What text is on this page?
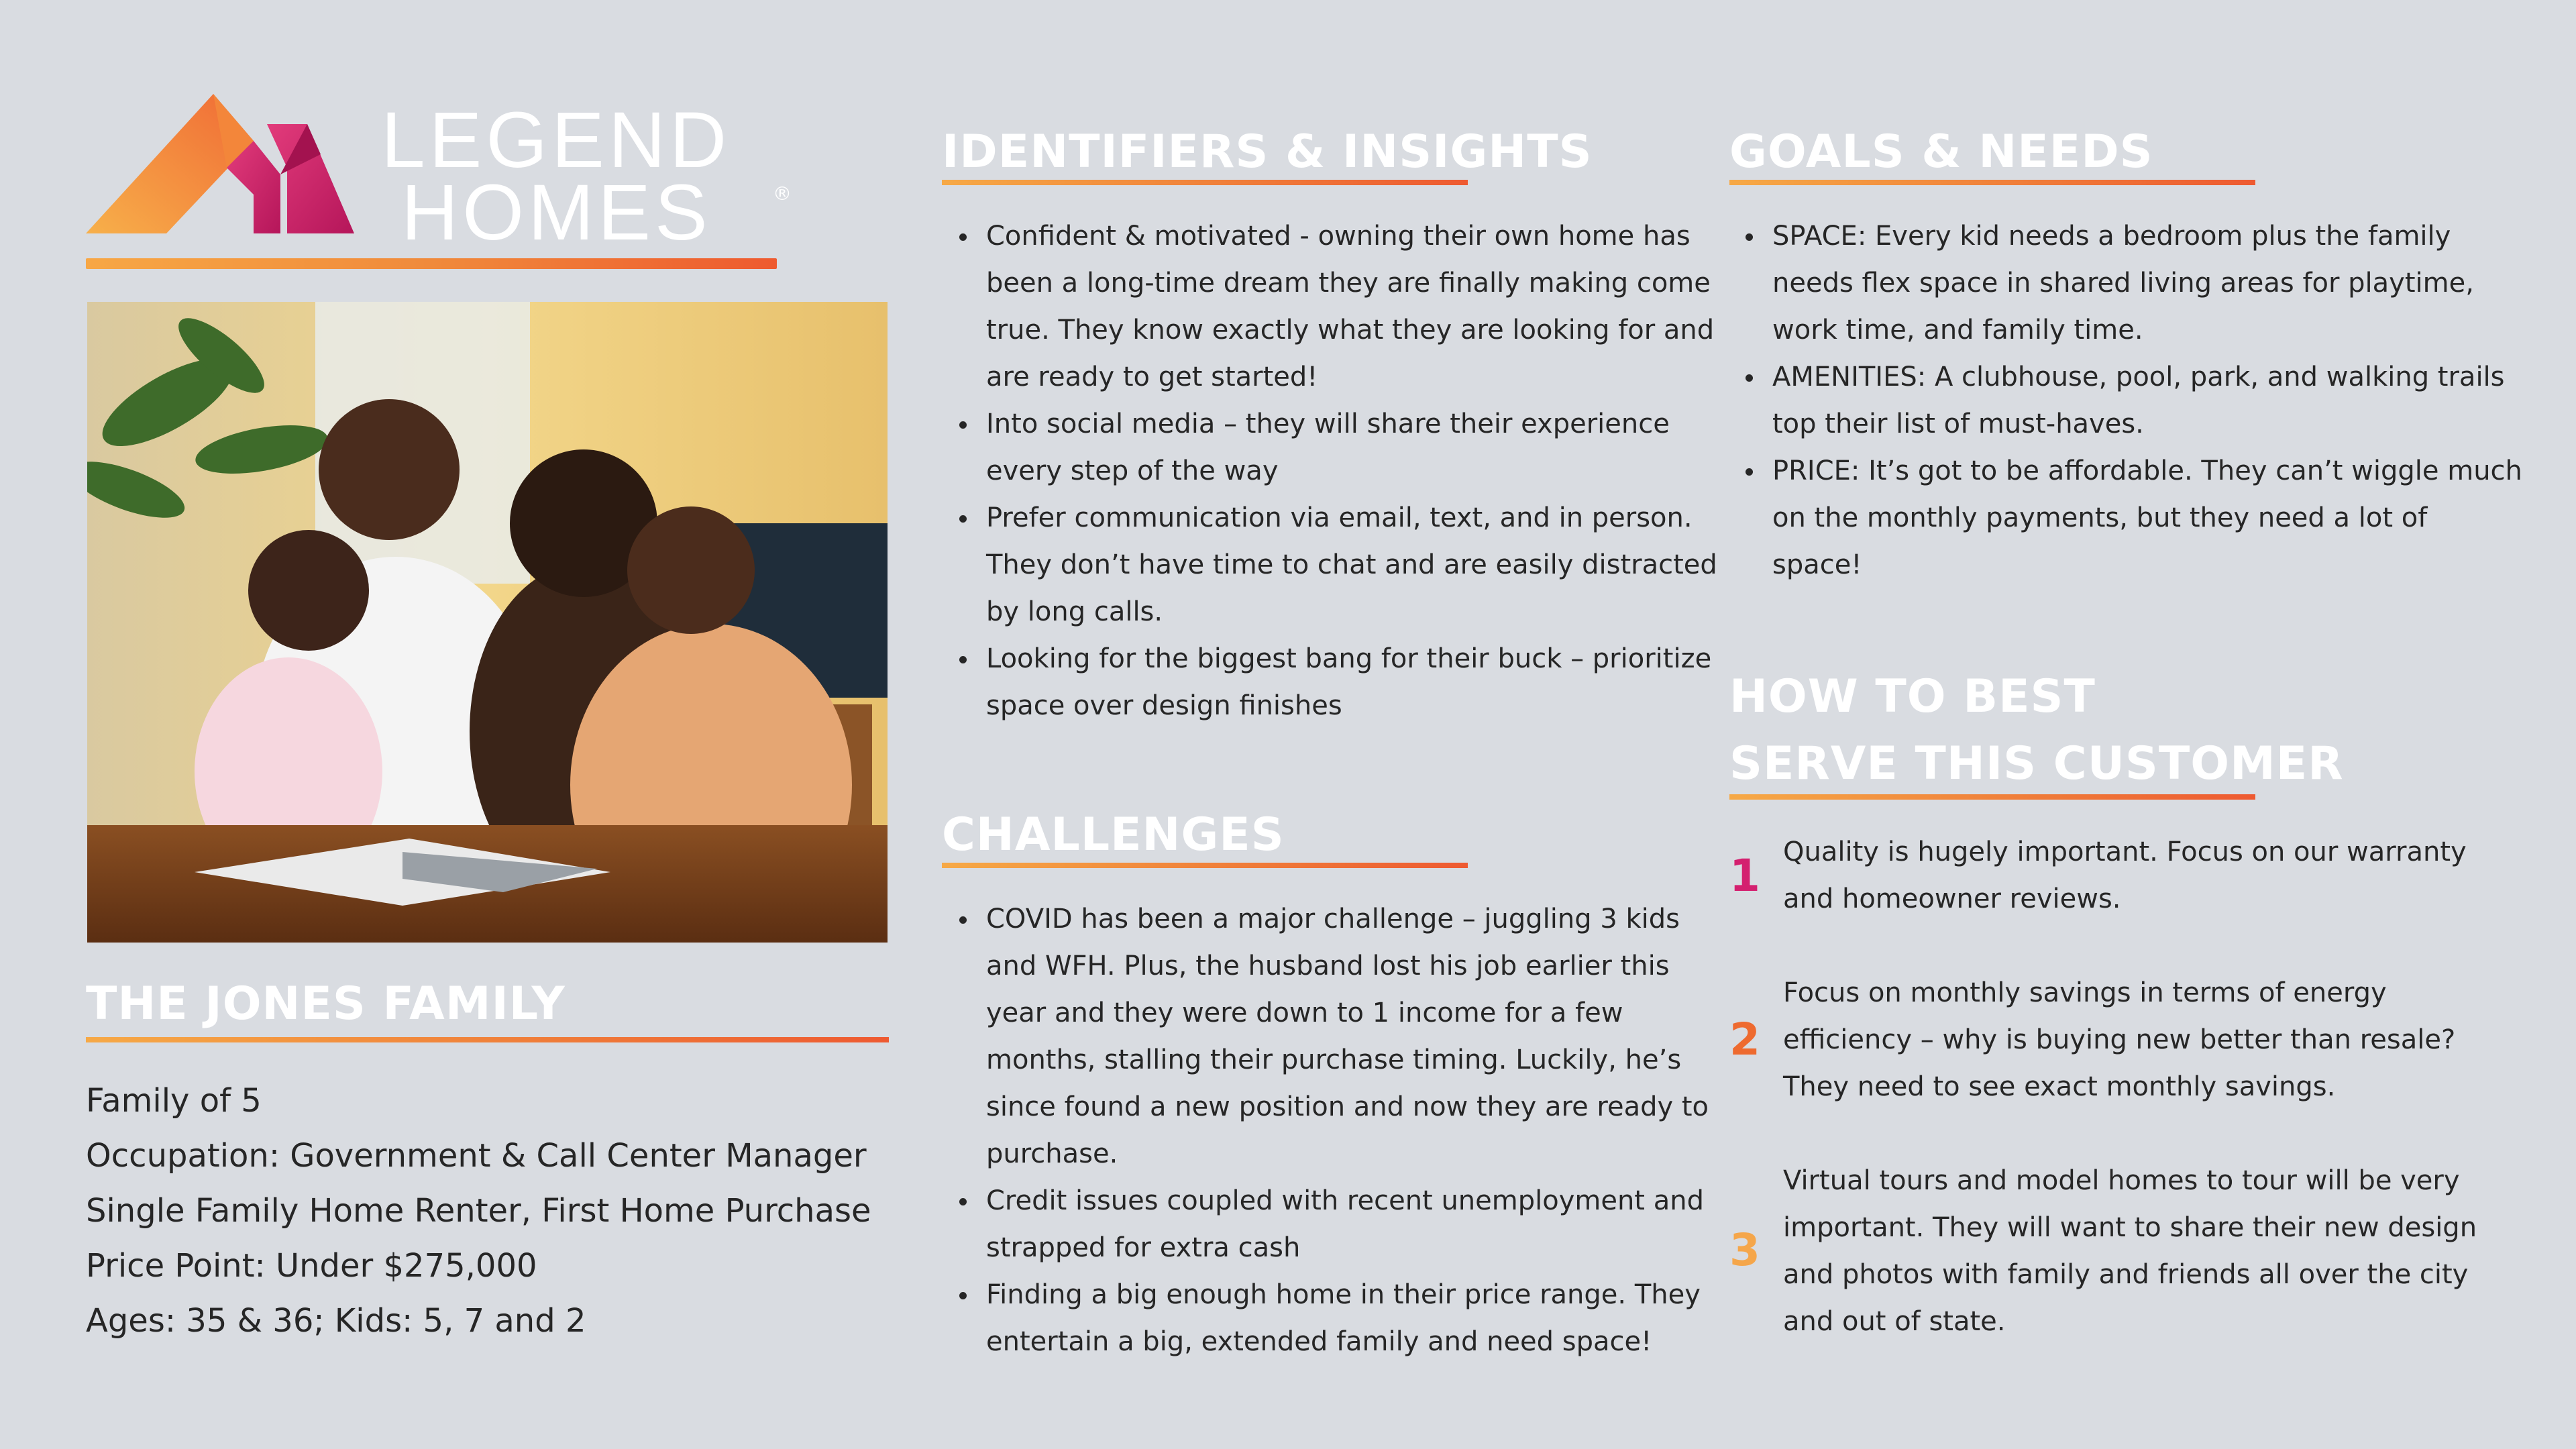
LEGEND
HOMES	®
THE JONES FAMILY
Family of 5
Occupation: Government & Call Center Manager
Single Family Home Renter, First Home Purchase
Price Point: Under $275,000
Ages: 35 & 36; Kids: 5, 7 and 2
IDENTIFIERS & INSIGHTS
Confident & motivated - owning their own home has been a long-time dream they are finally making come true. They know exactly what they are looking for and are ready to get started!
Into social media – they will share their experience every step of the way
Prefer communication via email, text, and in person. They don’t have time to chat and are easily distracted by long calls.
Looking for the biggest bang for their buck – prioritize space over design finishes
CHALLENGES
COVID has been a major challenge – juggling 3 kids and WFH. Plus, the husband lost his job earlier this year and they were down to 1 income for a few months, stalling their purchase timing. Luckily, he’s since found a new position and now they are ready to purchase.
Credit issues coupled with recent unemployment and strapped for extra cash
Finding a big enough home in their price range. They entertain a big, extended family and need space!
GOALS & NEEDS
SPACE: Every kid needs a bedroom plus the family needs flex space in shared living areas for playtime, work time, and family time.
AMENITIES: A clubhouse, pool, park, and walking trails top their list of must-haves.
PRICE: It’s got to be affordable. They can’t wiggle much on the monthly payments, but they need a lot of space!
HOW TO BEST
SERVE THIS CUSTOMER
1 Quality is hugely important. Focus on our warranty and homeowner reviews.
2
Focus on monthly savings in terms of energy efficiency – why is buying new better than resale? They need to see exact monthly savings.
3
Virtual tours and model homes to tour will be very important. They will want to share their new design and photos with family and friends all over the city and out of state.
